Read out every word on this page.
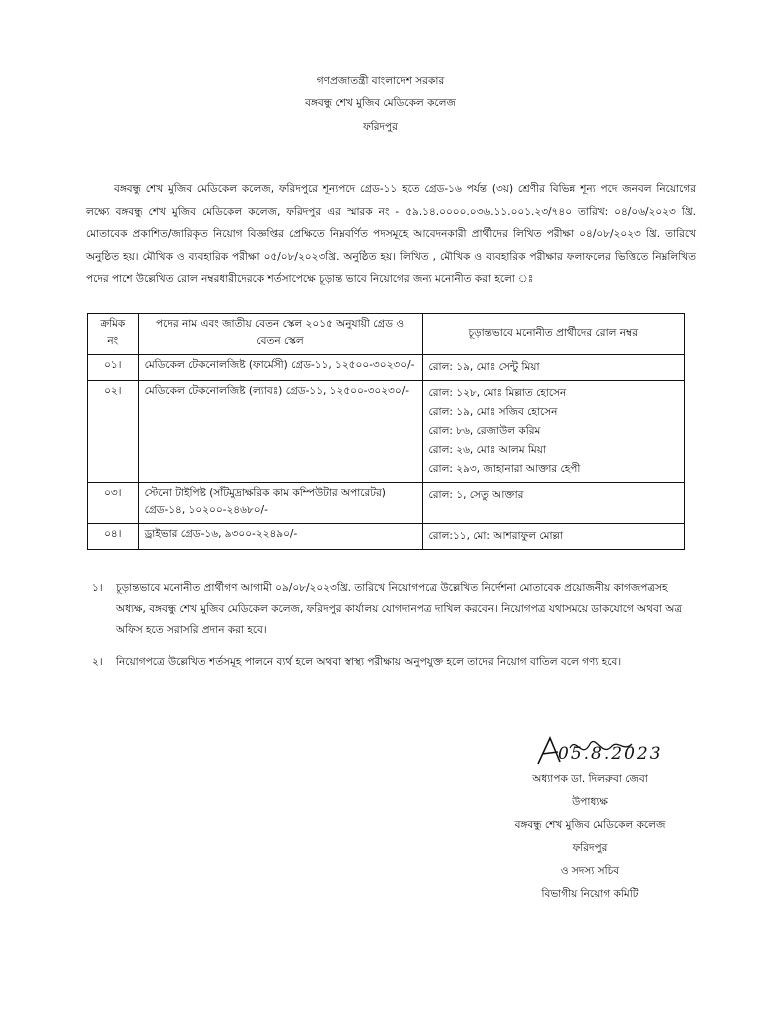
গণপ্রজাতন্ত্রী বাংলাদেশ সরকার
বঙ্গবন্ধু শেখ মুজিব মেডিকেল কলেজ
ফরিদপুর
বঙ্গবন্ধু শেখ মুজিব মেডিকেল কলেজ, ফরিদপুরে শূন্যপদে গ্রেড-১১ হতে গ্রেড-১৬ পর্যন্ত (৩য়) শ্রেণীর বিভিন্ন শূন্য পদে জনবল নিয়োগের লক্ষ্যে বঙ্গবন্ধু শেখ মুজিব মেডিকেল কলেজ, ফরিদপুর এর স্মারক নং - ৫৯.১৪.০০০০.০৩৬.১১.০০১.২৩/৭৪০ তারিখ: ০৪/০৬/২০২৩ খ্রি. মোতাবেক প্রকাশিত/জারিকৃত নিয়োগ বিজ্ঞপ্তির প্রেক্ষিতে নিম্নবর্ণিত পদসমূহে আবেদনকারী প্রার্থীদের লিখিত পরীক্ষা ০৪/০৮/২০২৩ খ্রি. তারিখে অনুষ্ঠিত হয়। মৌখিক ও ব্যবহারিক পরীক্ষা ০৫/০৮/২০২৩খ্রি. অনুষ্ঠিত হয়। লিখিত , মৌখিক ও ব্যবহারিক পরীক্ষার ফলাফলের ভিত্তিতে নিম্নলিখিত পদের পাশে উল্লেখিত রোল নম্বরধারীদেরকে শর্তসাপেক্ষে চূড়ান্ত ভাবে নিয়োগের জন্য মনোনীত করা হলো ঃ
ক্রমিক নং	পদের নাম এবং জাতীয় বেতন স্কেল ২০১৫ অনুযায়ী গ্রেড ও বেতন স্কেল	চূড়ান্তভাবে মনোনীত প্রার্থীদের রোল নম্বর
০১।	মেডিকেল টেকনোলজিষ্ট (ফার্মেসী) গ্রেড-১১, ১২৫০০-৩০২৩০/-	রোল: ১৯, মোঃ সেন্টু মিয়া

০২।	মেডিকেল টেকনোলজিষ্ট (ল্যাবঃ) গ্রেড-১১, ১২৫০০-৩০২৩০/-	রোল: ১২৮, মোঃ মিল্লাত হোসেন
রোল: ১৯, মোঃ সজিব হোসেন
রোল: ৮৬, রেজাউল করিম
রোল: ২৬, মোঃ আলম মিয়া
রোল: ২৯৩, জাহানারা আক্তার হেপী

০৩।	স্টেনো টাইপিষ্ট (সাঁটমুদ্রাক্ষরিক কাম কম্পিউটার অপারেটর) গ্রেড-১৪, ১০২০০-২৪৬৮০/-	রোল: ১, সেতু আক্তার

০৪।	ড্রাইভার গ্রেড-১৬, ৯৩০০-২২৪৯০/-	রোল:১১, মো: আশরাফুল মোল্লা
১।	চূড়ান্তভাবে মনোনীত প্রার্থীগণ আগামী ০৯/০৮/২০২৩খ্রি. তারিখে নিয়োগপত্রে উল্লেখিত নির্দেশনা মোতাবেক প্রয়োজনীয় কাগজপত্রসহ অধ্যক্ষ, বঙ্গবন্ধু শেখ মুজিব মেডিকেল কলেজ, ফরিদপুর কার্যালয় যোগদানপত্র দাখিল করবেন। নিয়োগপত্র যথাসময়ে ডাকযোগে অথবা অত্র অফিস হতে সরাসরি প্রদান করা হবে।
২।	নিয়োগপত্রে উল্লেখিত শর্তসমূহ পালনে ব্যর্থ হলে অথবা স্বাস্থ্য পরীক্ষায় অনুপযুক্ত হলে তাদের নিয়োগ বাতিল বলে গণ্য হবে।
05.8.2023
অধ্যাপক ডা. দিলরুবা জেবা
উপাধ্যক্ষ
বঙ্গবন্ধু শেখ মুজিব মেডিকেল কলেজ
ফরিদপুর
ও সদস্য সচিব
বিভাগীয় নিয়োগ কমিটি
